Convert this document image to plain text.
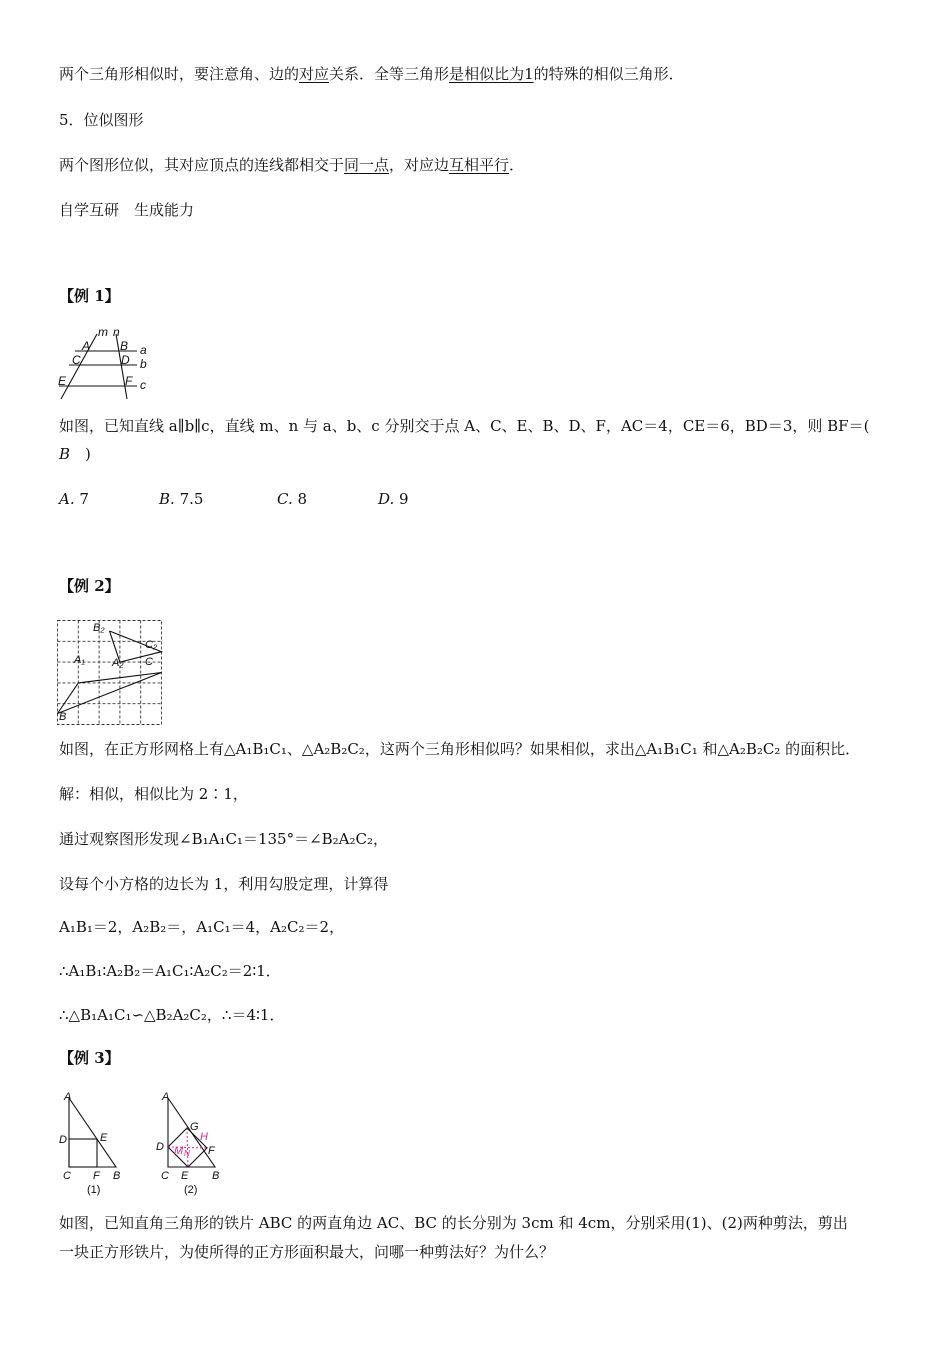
两个三角形相似时，要注意角、边的对应关系．全等三角形是相似比为1的特殊的相似三角形．
5．位似图形
两个图形位似，其对应顶点的连线都相交于同一点，对应边互相平行．
自学互研　生成能力
【例 1】
m n
A B
C	D
E	F
a
b
c
如图，已知直线 a∥b∥c，直线 m、n 与 a、b、c 分别交于点 A、C、E、B、D、F，AC＝4，CE＝6，BD＝3，则 BF＝(
B　 )
A. 7	B. 7.5	C. 8	D. 9
【例 2】
B₂
A₁ A₂
C₂
C
B
如图，在正方形网格上有△A₁B₁C₁、△A₂B₂C₂，这两个三角形相似吗？如果相似，求出△A₁B₁C₁ 和△A₂B₂C₂ 的面积比．
解：相似，相似比为 2∶1，
通过观察图形发现∠B₁A₁C₁＝135°＝∠B₂A₂C₂，
设每个小方格的边长为 1，利用勾股定理，计算得
A₁B₁＝2，A₂B₂＝，A₁C₁＝4，A₂C₂＝2，
∴A₁B₁∶A₂B₂＝A₁C₁∶A₂C₂＝2∶1．
∴△B₁A₁C₁∽△B₂A₂C₂，∴＝4∶1．
【例 3】
A
D	E
C F B
(1)
A
G
D	F
C E B
H
M N
(2)
如图，已知直角三角形的铁片 ABC 的两直角边 AC、BC 的长分别为 3cm 和 4cm，分别采用(1)、(2)两种剪法，剪出
一块正方形铁片，为使所得的正方形面积最大，问哪一种剪法好？为什么？
